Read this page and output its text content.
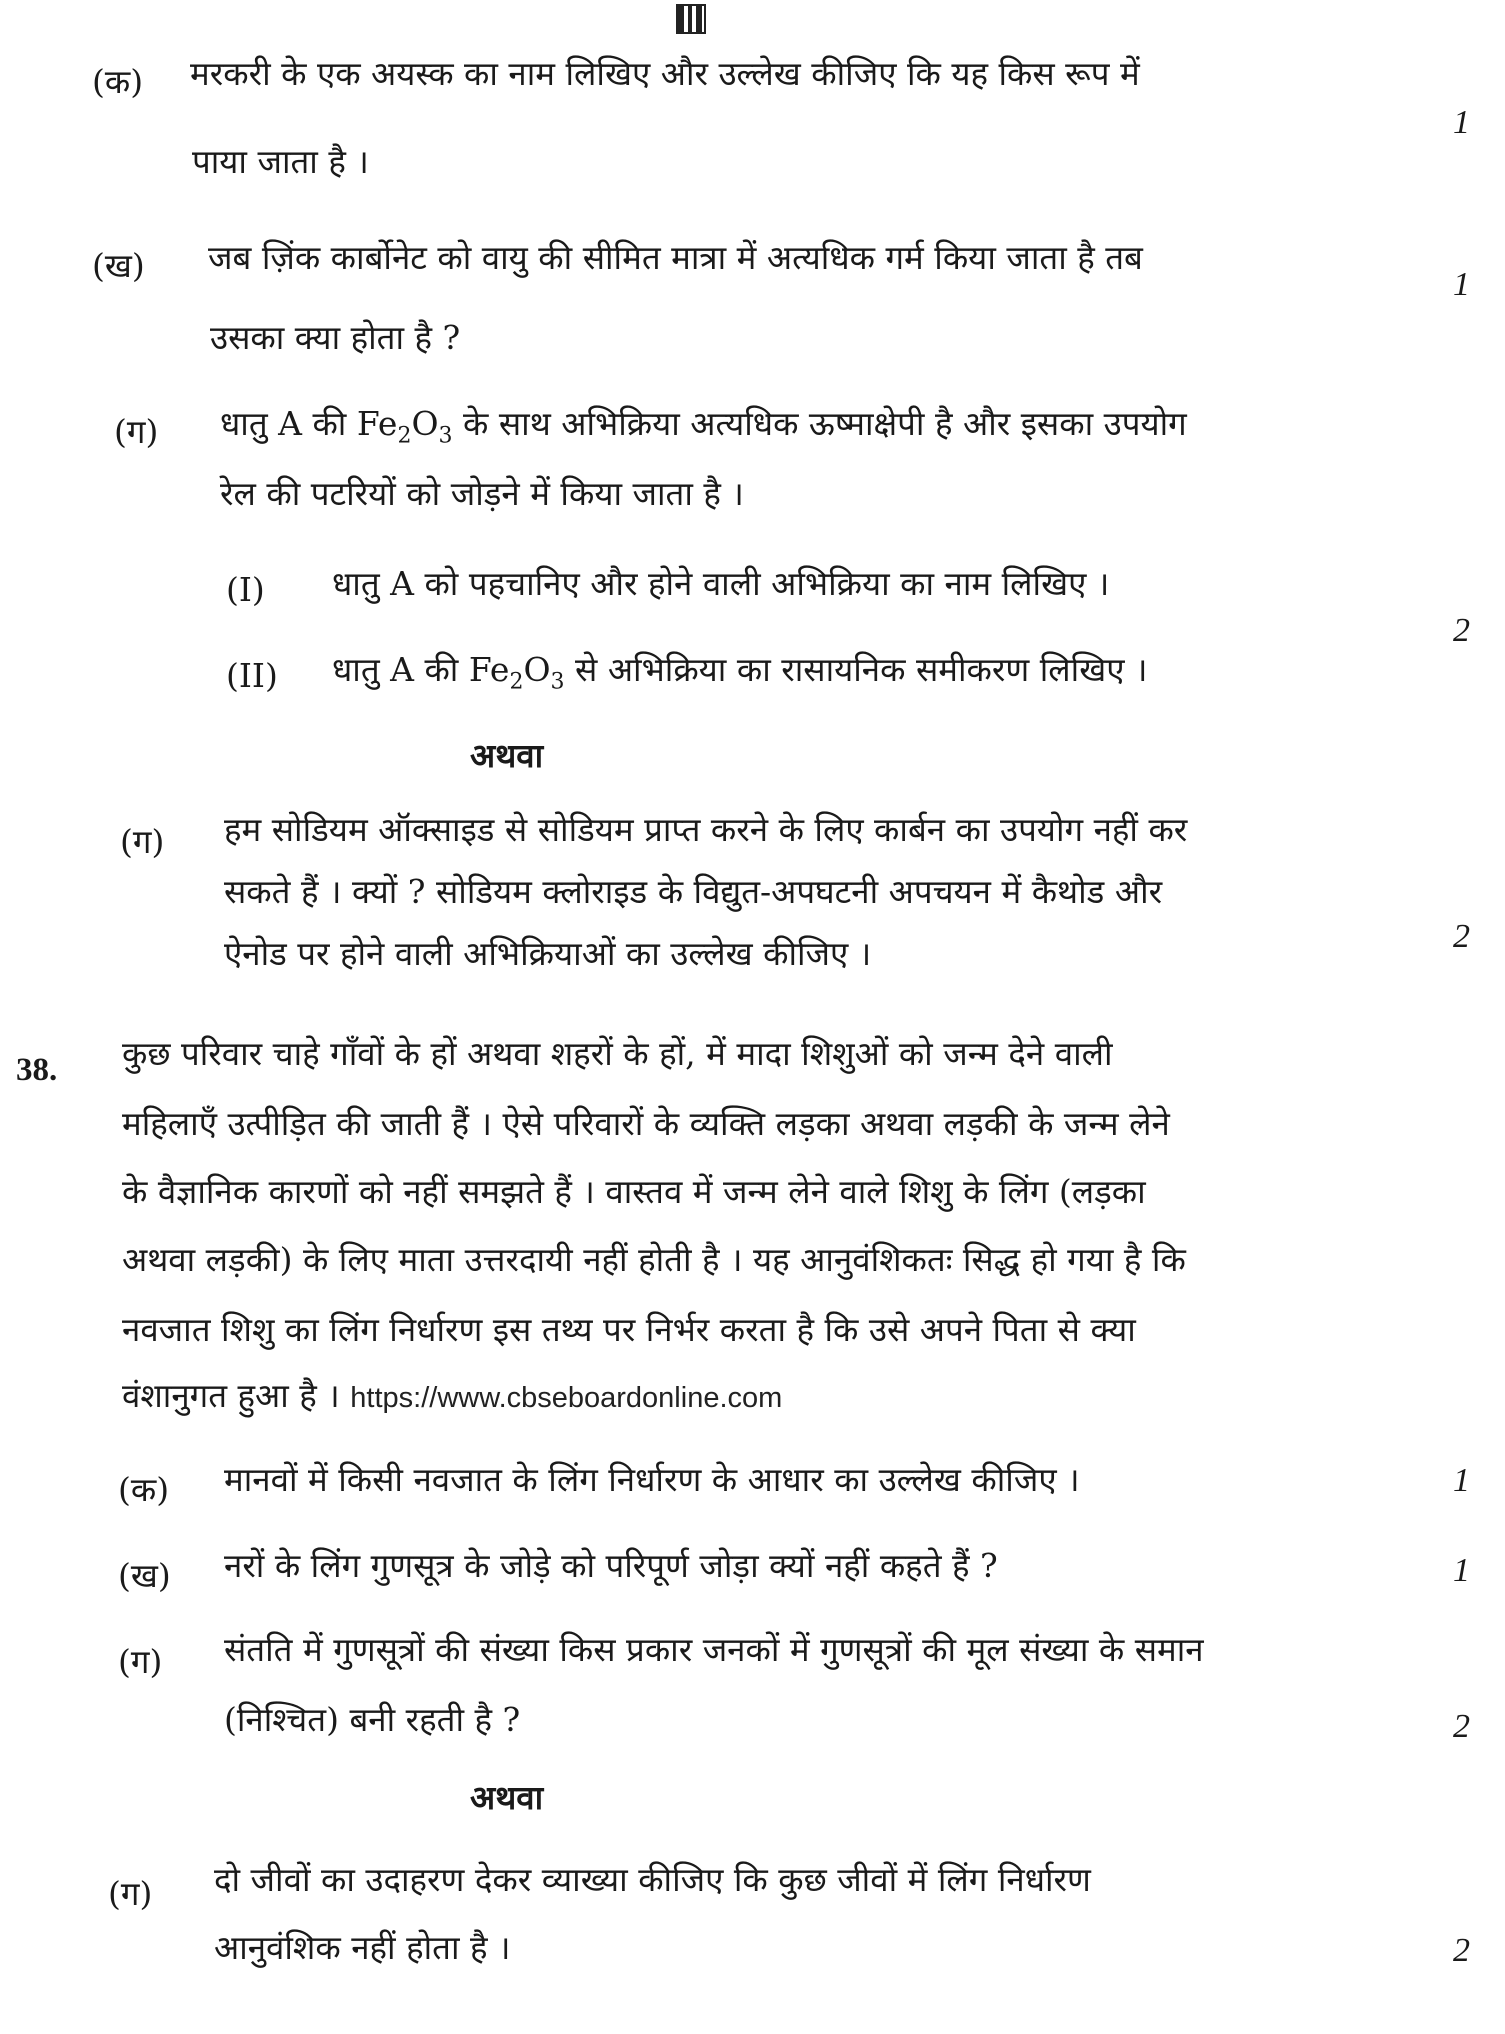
(क) मरकरी के एक अयस्क का नाम लिखिए और उल्लेख कीजिए कि यह किस रूप में
पाया जाता है ।
1
(ख) जब ज़िंक कार्बोनेट को वायु की सीमित मात्रा में अत्यधिक गर्म किया जाता है तब
उसका क्या होता है ?
1
(ग) धातु A की $Fe_2O_3$ के साथ अभिक्रिया अत्यधिक ऊष्माक्षेपी है और इसका उपयोग
रेल की पटरियों को जोड़ने में किया जाता है ।
(I) धातु A को पहचानिए और होने वाली अभिक्रिया का नाम लिखिए ।
(II) धातु A की $Fe_2O_3$ से अभिक्रिया का रासायनिक समीकरण लिखिए ।
2
अथवा
(ग) हम सोडियम ऑक्साइड से सोडियम प्राप्त करने के लिए कार्बन का उपयोग नहीं कर
सकते हैं । क्यों ? सोडियम क्लोराइड के विद्युत-अपघटनी अपचयन में कैथोड और
ऐनोड पर होने वाली अभिक्रियाओं का उल्लेख कीजिए ।	2
38. कुछ परिवार चाहे गाँवों के हों अथवा शहरों के हों, में मादा शिशुओं को जन्म देने वाली
महिलाएँ उत्पीड़ित की जाती हैं । ऐसे परिवारों के व्यक्ति लड़का अथवा लड़की के जन्म लेने
के वैज्ञानिक कारणों को नहीं समझते हैं । वास्तव में जन्म लेने वाले शिशु के लिंग (लड़का
अथवा लड़की) के लिए माता उत्तरदायी नहीं होती है । यह आनुवंशिकतः सिद्ध हो गया है कि
नवजात शिशु का लिंग निर्धारण इस तथ्य पर निर्भर करता है कि उसे अपने पिता से क्या
वंशानुगत हुआ है । https://www.cbseboardonline.com
(क) मानवों में किसी नवजात के लिंग निर्धारण के आधार का उल्लेख कीजिए ।	1
(ख) नरों के लिंग गुणसूत्र के जोड़े को परिपूर्ण जोड़ा क्यों नहीं कहते हैं ?	1
(ग) संतति में गुणसूत्रों की संख्या किस प्रकार जनकों में गुणसूत्रों की मूल संख्या के समान
(निश्चित) बनी रहती है ?	2
अथवा
(ग) दो जीवों का उदाहरण देकर व्याख्या कीजिए कि कुछ जीवों में लिंग निर्धारण
आनुवंशिक नहीं होता है ।	2
